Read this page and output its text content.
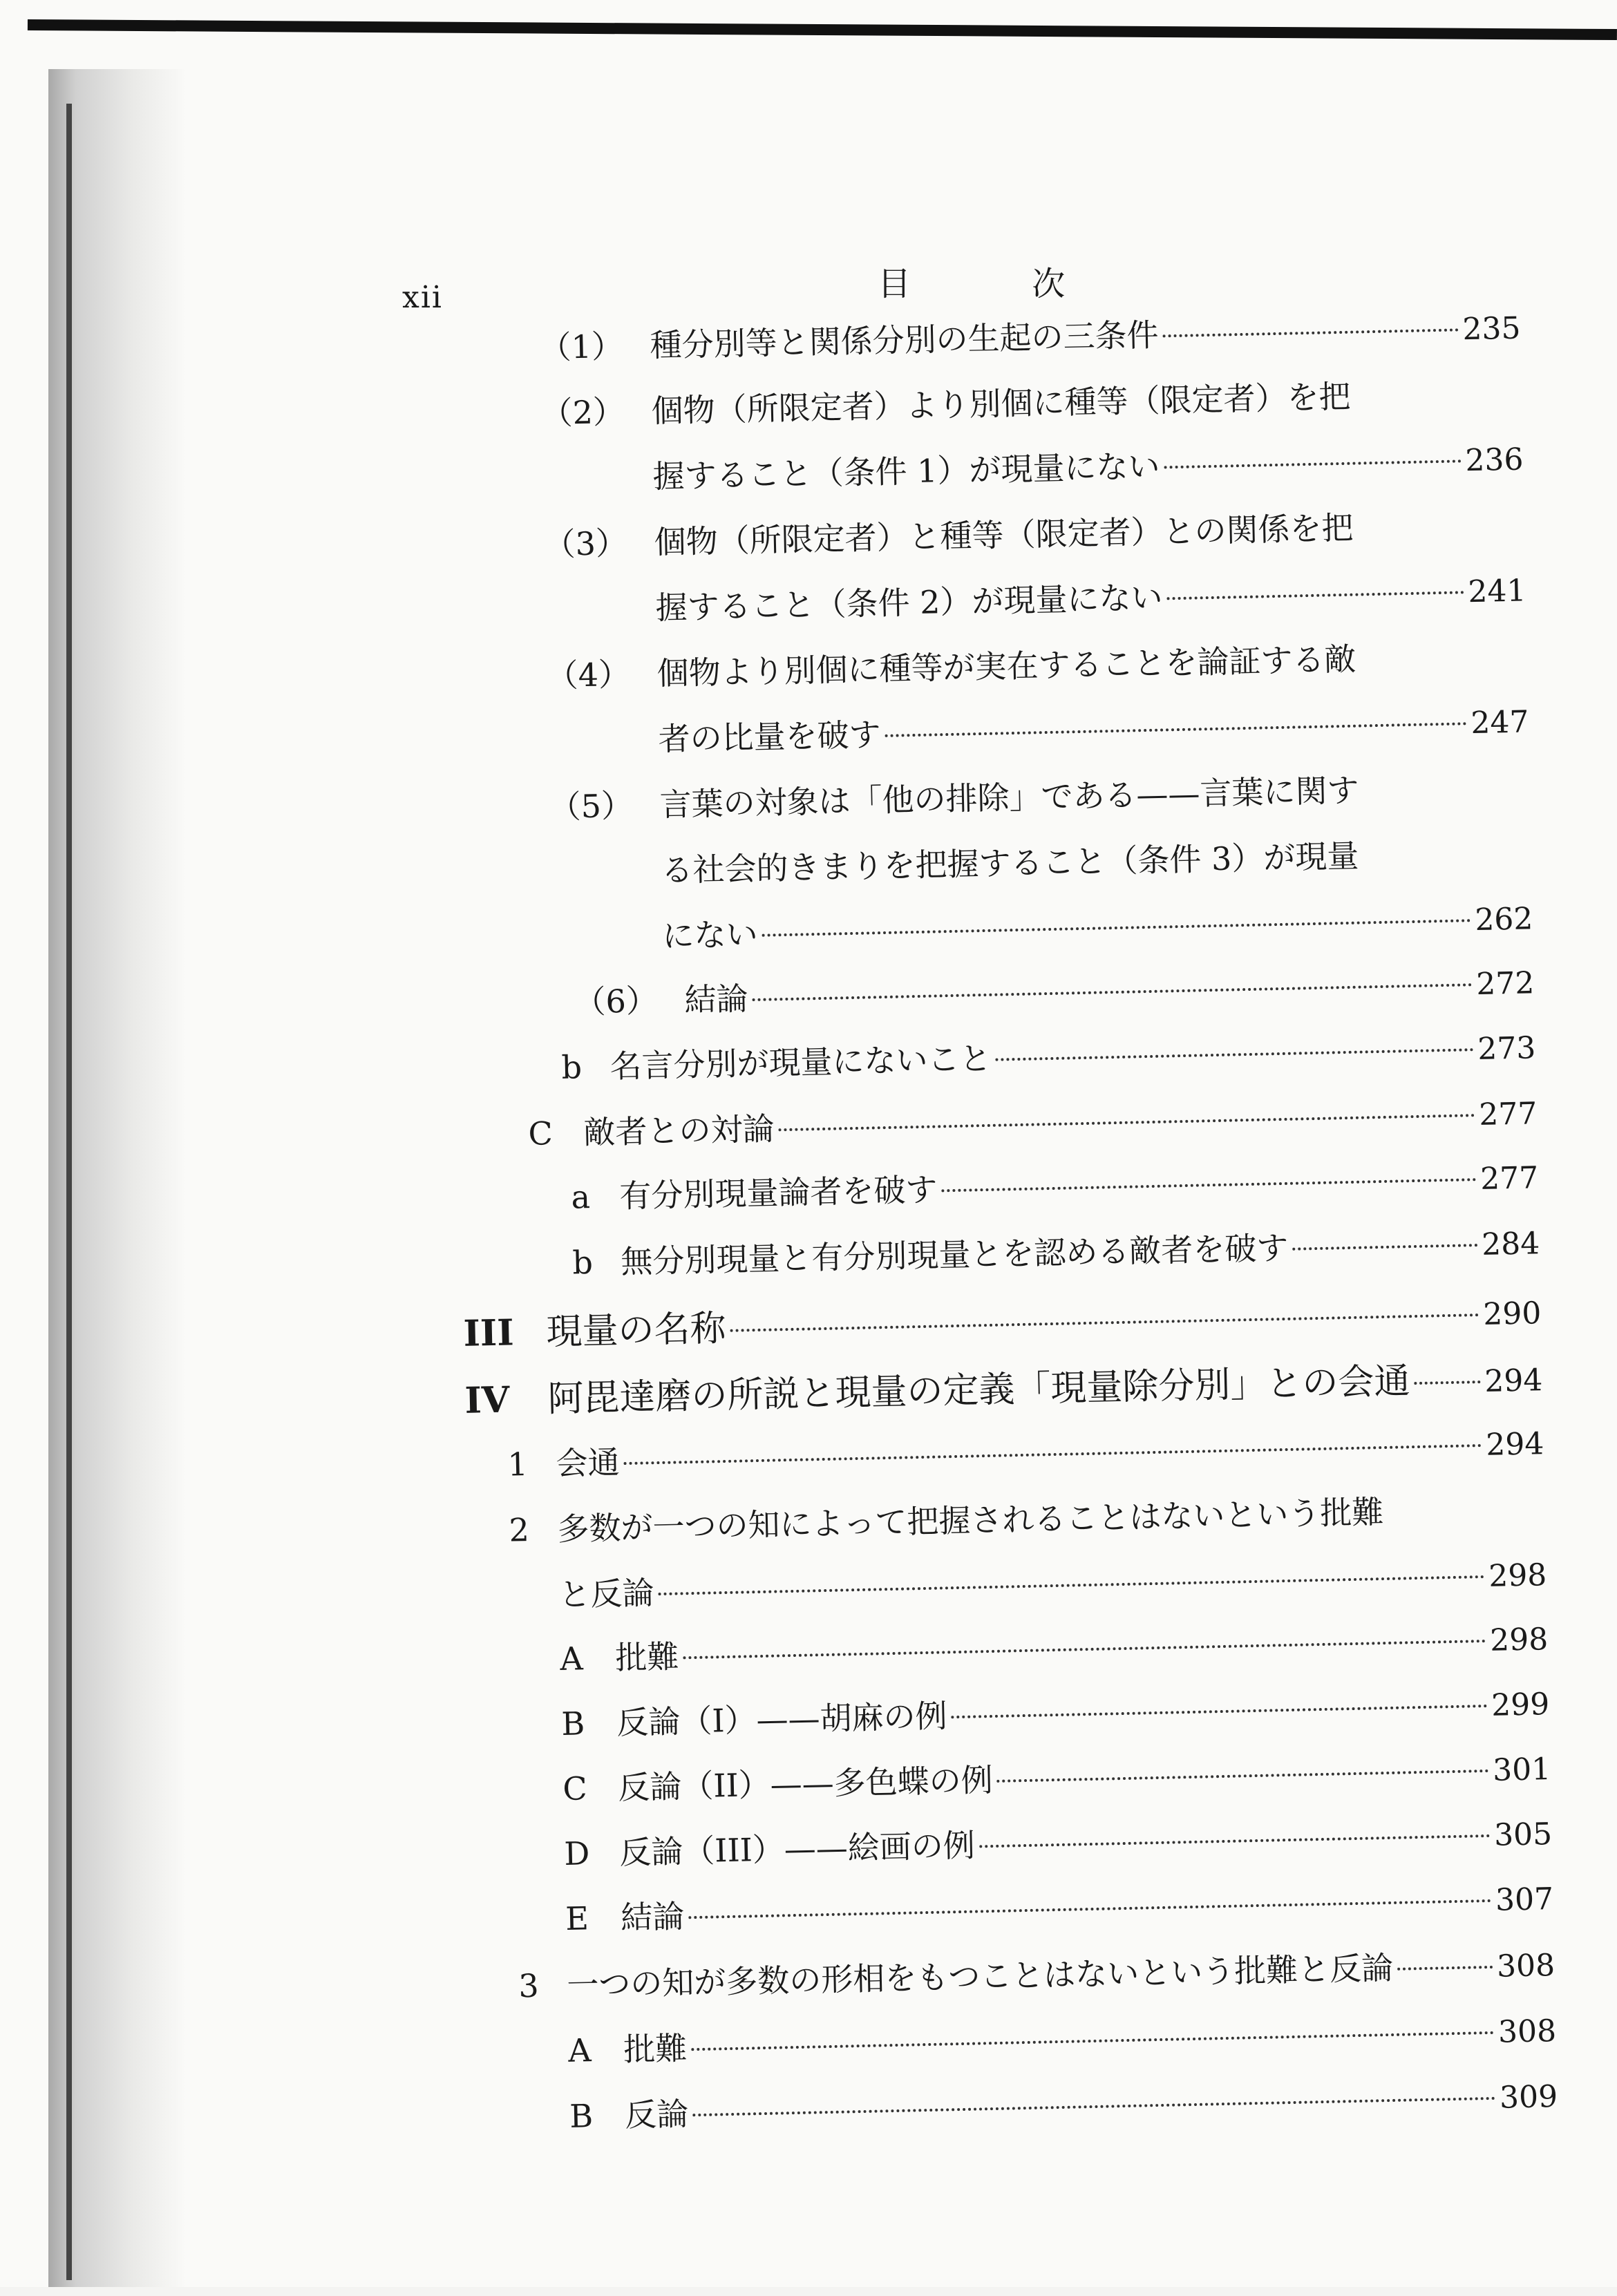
xii	目 次
（1） 種分別等と関係分別の生起の三条件	235
（2） 個物（所限定者）より別個に種等（限定者）を把
握すること（条件 1）が現量にない	236
（3） 個物（所限定者）と種等（限定者）との関係を把
握すること（条件 2）が現量にない	241
（4） 個物より別個に種等が実在することを論証する敵
者の比量を破す	247
（5） 言葉の対象は「他の排除」である——言葉に関す
る社会的きまりを把握すること（条件 3）が現量
にない	262
（6） 結論	272
b 名言分別が現量にないこと	273
C 敵者との対論	277
a 有分別現量論者を破す	277
b 無分別現量と有分別現量とを認める敵者を破す	284
III 現量の名称	290
IV	阿毘達磨の所説と現量の定義「現量除分別」との会通 294
1 会通	294
2 多数が一つの知によって把握されることはないという批難
と反論	298
A 批難	298
B 反論（Ⅰ）——胡麻の例	299
C 反論（II）——多色蝶の例	301
D 反論（III）——絵画の例	305
E 結論	307
3 一つの知が多数の形相をもつことはないという批難と反論	308
A 批難	308
B 反論	309
